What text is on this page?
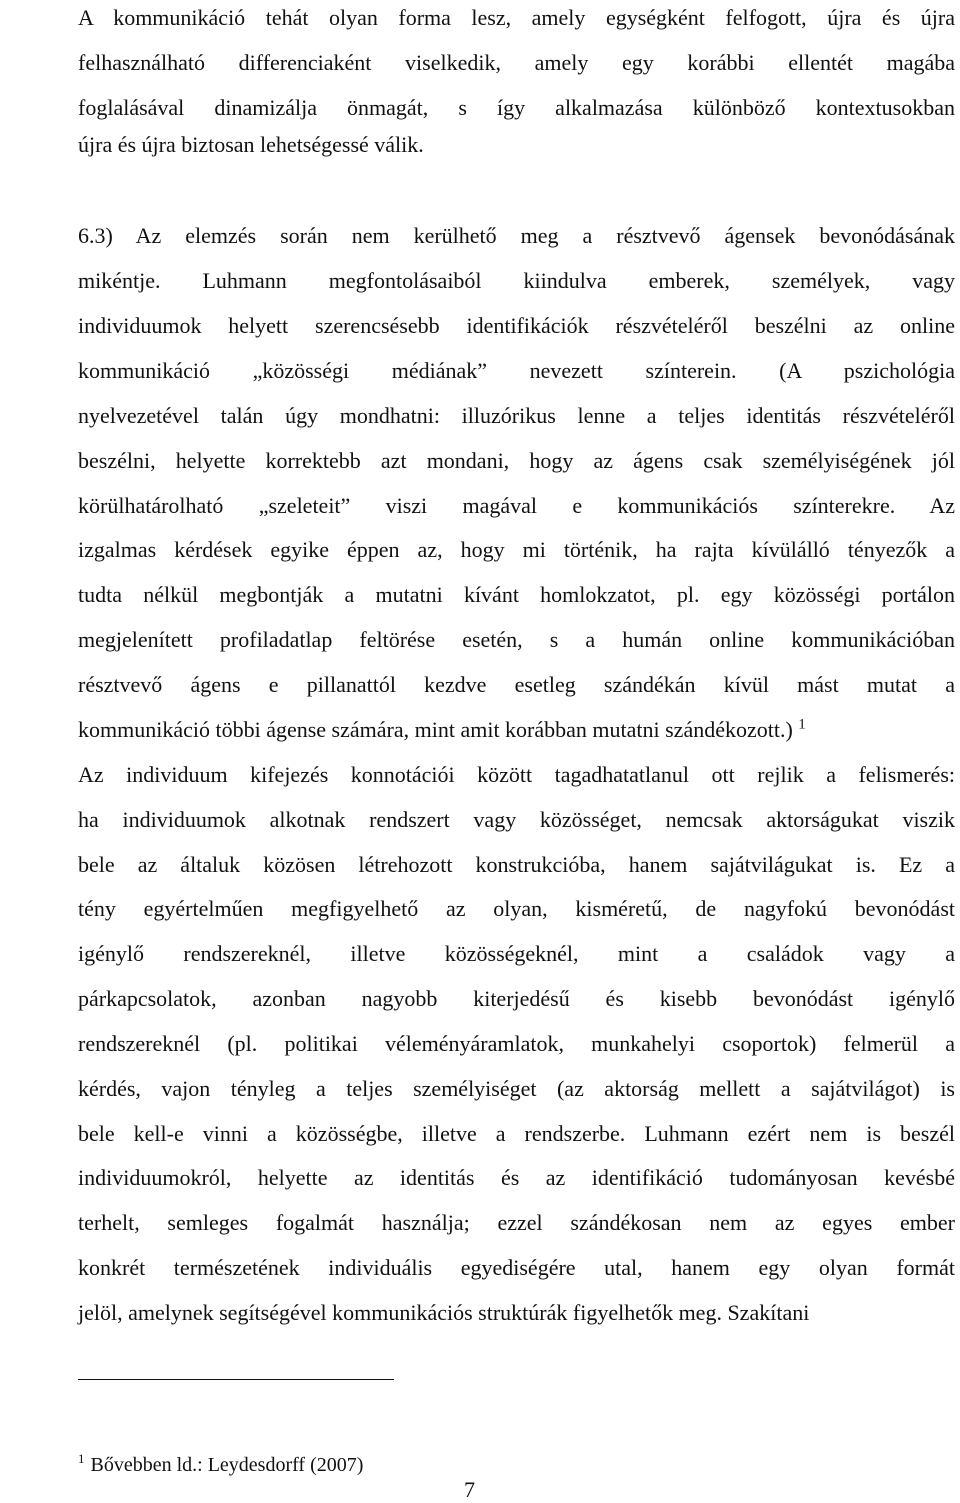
A kommunikáció tehát olyan forma lesz, amely egységként felfogott, újra és újra
felhasználható differenciaként viselkedik, amely egy korábbi ellentét magába
foglalásával dinamizálja önmagát, s így alkalmazása különböző kontextusokban
újra és újra biztosan lehetségessé válik.
6.3) Az elemzés során nem kerülhető meg a résztvevő ágensek bevonódásának
mikéntje. Luhmann megfontolásaiból kiindulva emberek, személyek, vagy
individuumok helyett szerencsésebb identifikációk részvételéről beszélni az online
kommunikáció „közösségi médiának” nevezett színterein. (A pszichológia
nyelvezetével talán úgy mondhatni: illuzórikus lenne a teljes identitás részvételéről
beszélni, helyette korrektebb azt mondani, hogy az ágens csak személyiségének jól
körülhatárolható „szeleteit” viszi magával e kommunikációs színterekre. Az
izgalmas kérdések egyike éppen az, hogy mi történik, ha rajta kívülálló tényezők a
tudta nélkül megbontják a mutatni kívánt homlokzatot, pl. egy közösségi portálon
megjelenített profiladatlap feltörése esetén, s a humán online kommunikációban
résztvevő ágens e pillanattól kezdve esetleg szándékán kívül mást mutat a
kommunikáció többi ágense számára, mint amit korábban mutatni szándékozott.) $^1$
Az individuum kifejezés konnotációi között tagadhatatlanul ott rejlik a felismerés:
ha individuumok alkotnak rendszert vagy közösséget, nemcsak aktorságukat viszik
bele az általuk közösen létrehozott konstrukcióba, hanem sajátvilágukat is. Ez a
tény egyértelműen megfigyelhető az olyan, kisméretű, de nagyfokú bevonódást
igénylő rendszereknél, illetve közösségeknél, mint a családok vagy a
párkapcsolatok, azonban nagyobb kiterjedésű és kisebb bevonódást igénylő
rendszereknél (pl. politikai véleményáramlatok, munkahelyi csoportok) felmerül a
kérdés, vajon tényleg a teljes személyiséget (az aktorság mellett a sajátvilágot) is
bele kell-e vinni a közösségbe, illetve a rendszerbe. Luhmann ezért nem is beszél
individuumokról, helyette az identitás és az identifikáció tudományosan kevésbé
terhelt, semleges fogalmát használja; ezzel szándékosan nem az egyes ember
konkrét természetének individuális egyediségére utal, hanem egy olyan formát
jelöl, amelynek segítségével kommunikációs struktúrák figyelhetők meg. Szakítani
$^1$ Bővebben ld.: Leydesdorff (2007)
7
